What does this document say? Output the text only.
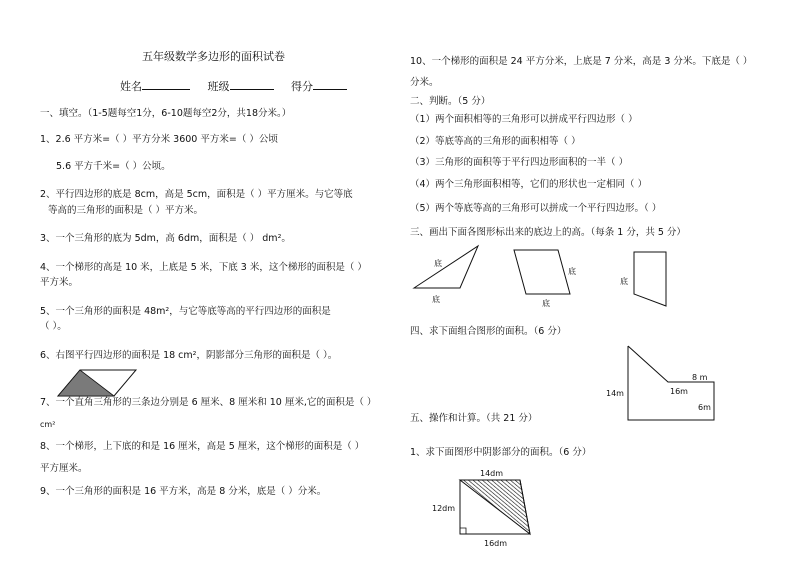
五年级数学多边形的面积试卷
姓名	班级	得分
一、填空。（1-5题每空1分，6-10题每空2分，共18分米。）
1、2.6 平方米=（ ）平方分米 3600 平方米=（ ）公顷
5.6 平方千米=（ ）公顷。
2、平行四边形的底是 8cm，高是 5cm，面积是（ ）平方厘米。与它等底
等高的三角形的面积是（ ）平方米。
3、一个三角形的底为 5dm，高 6dm，面积是（ ） dm²。
4、一个梯形的高是 10 米，上底是 5 米，下底 3 米，这个梯形的面积是（ ）
平方米。
5、一个三角形的面积是 48m²，与它等底等高的平行四边形的面积是
（ ）。
6、右图平行四边形的面积是 18 cm²，阴影部分三角形的面积是（ ）。
7、一个直角三角形的三条边分别是 6 厘米、8 厘米和 10 厘米,它的面积是（ ）
cm²
8、一个梯形，上下底的和是 16 厘米，高是 5 厘米，这个梯形的面积是（ ）
平方厘米。
9、一个三角形的面积是 16 平方米，高是 8 分米，底是（ ）分米。
10、一个梯形的面积是 24 平方分米，上底是 7 分米，高是 3 分米。下底是（ ）
分米。
二、判断。（5 分）
（1）两个面积相等的三角形可以拼成平行四边形（ ）
（2）等底等高的三角形的面积相等（ ）
（3）三角形的面积等于平行四边形面积的一半（ ）
（4）两个三角形面积相等，它们的形状也一定相同（ ）
（5）两个等底等高的三角形可以拼成一个平行四边形。（ ）
三、画出下面各图形标出来的底边上的高。（每条 1 分，共 5 分）
底
底
底
底
底
四、求下面组合图形的面积。（6 分）
14m
8 m
16m
6m
五、操作和计算。（共 21 分）
1、求下面图形中阴影部分的面积。（6 分）
14dm
12dm
16dm
